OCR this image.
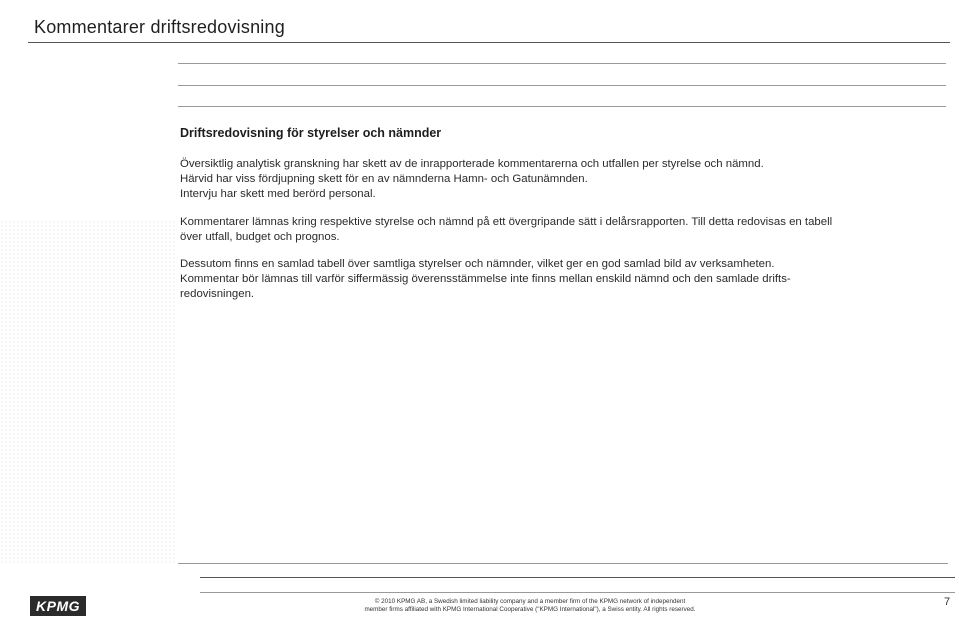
Kommentarer driftsredovisning
Driftsredovisning för styrelser och nämnder

Översiktlig analytisk granskning har skett av de inrapporterade kommentarerna och utfallen per styrelse och nämnd.
Härvid har viss fördjupning skett för en av nämnderna Hamn- och Gatunämnden.
Intervju har skett med berörd personal.

Kommentarer lämnas kring respektive styrelse och nämnd på ett övergripande sätt i delårsrapporten. Till detta redovisas en tabell
över utfall, budget och prognos.

Dessutom finns en samlad tabell över samtliga styrelser och nämnder, vilket ger en god samlad bild av verksamheten.
Kommentar bör lämnas till varför siffermässig överensstämmelse inte finns mellan enskild nämnd och den samlade drifts-
redovisningen.

KPMG	© 2010 KPMG AB, a Swedish limited liability company and a member firm of the KPMG network of independent
member firms affiliated with KPMG International Cooperative ("KPMG International"), a Swiss entity. All rights reserved.
7
